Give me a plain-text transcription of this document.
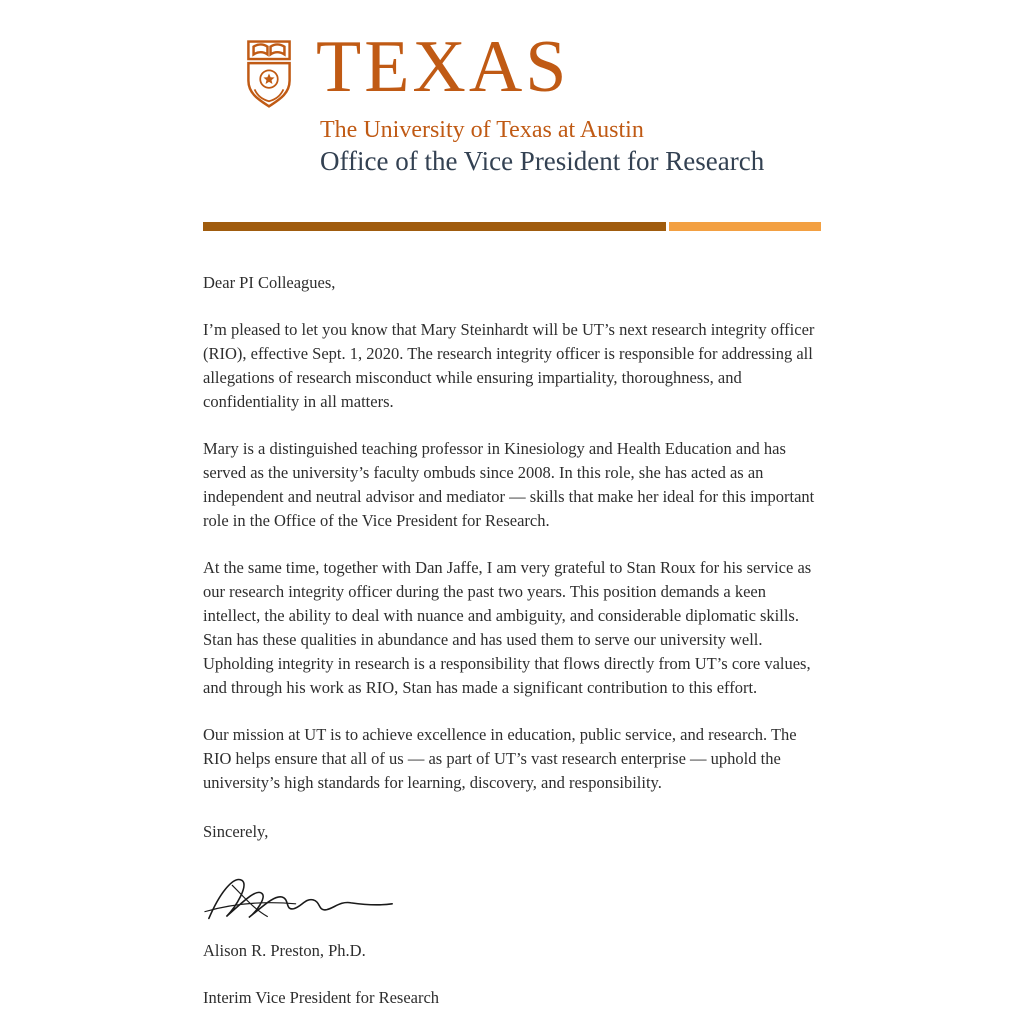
TEXAS
The University of Texas at Austin
Office of the Vice President for Research

Dear PI Colleagues,

I’m pleased to let you know that Mary Steinhardt will be UT’s next research integrity officer (RIO), effective Sept. 1, 2020. The research integrity officer is responsible for addressing all allegations of research misconduct while ensuring impartiality, thoroughness, and confidentiality in all matters.

Mary is a distinguished teaching professor in Kinesiology and Health Education and has served as the university’s faculty ombuds since 2008. In this role, she has acted as an independent and neutral advisor and mediator — skills that make her ideal for this important role in the Office of the Vice President for Research.

At the same time, together with Dan Jaffe, I am very grateful to Stan Roux for his service as our research integrity officer during the past two years. This position demands a keen intellect, the ability to deal with nuance and ambiguity, and considerable diplomatic skills. Stan has these qualities in abundance and has used them to serve our university well. Upholding integrity in research is a responsibility that flows directly from UT’s core values, and through his work as RIO, Stan has made a significant contribution to this effort.

Our mission at UT is to achieve excellence in education, public service, and research. The RIO helps ensure that all of us — as part of UT’s vast research enterprise — uphold the university’s high standards for learning, discovery, and responsibility.

Sincerely,

Alison R. Preston, Ph.D.

Interim Vice President for Research
